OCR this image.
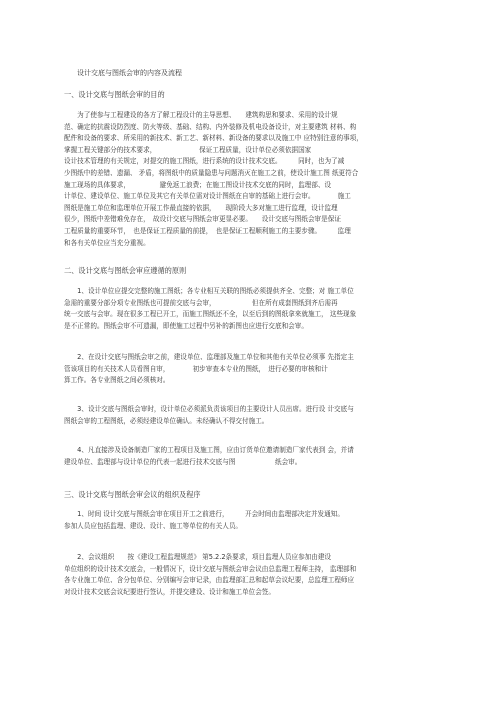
设计交底与图纸会审的内容及流程
一、设计交底与图纸会审的目的
　　为了使参与工程建设的各方了解工程设计的主导思想、　　建筑构思和要求、采用的设计规
范、确定的抗震设防烈度、防火等级、基础、结构、内外装修及机电设备设计，对主要建筑 材料、构
配件和设备的要求、所采用的新技术、新工艺、新材料、新设备的要求以及施工中 应特别注意的事项，
掌握工程关键部分的技术要求，　　　　　　　保证工程质量，设计单位必须依据国家
设计技术管理的有关规定，对提交的施工图纸，进行系统的设计技术交底。　　　同时，也为了减
少图纸中的差错、遗漏、 矛盾，将图纸中的质量隐患与问题消灭在施工之前，使设计施工图 纸更符合
施工现场的具体要求，　　　　　避免返工浪费；在施工图设计技术交底的同时，监理部、设
计单位、建设单位、施工单位及其它有关单位需对设计图纸在自审的基础上进行会审。　　　　施工
图纸是施工单位和监理单位开展工作最直接的依据，　　现阶段大多对施工进行监理，设计监理
很少，图纸中差错难免存在，　故设计交底与图纸会审更显必要。　　设计交底与图纸会审是保证
工程质量的重要环节，　也是保证工程质量的前提，　也是保证工程顺利施工的主要步骤。　　　监理
和各有关单位应当充分重视。
二、设计交底与图纸会审应遵循的原则
　　1、设计单位应提交完整的施工图纸；各专业相互关联的图纸必须提供齐全、完整；对 施工单位
急需的重要分部分项专业图纸也可提前交底与会审，　　　　　　但在所有成套图纸到齐后需再
统一交底与会审。现在很多工程已开工，而施工图纸还不全，以至后到的图纸拿来就施工， 这些现象
是不正常的。图纸会审不可遗漏，即使施工过程中另补的新图也应进行交底和会审。
　　2、在设计交底与图纸会审之前，建设单位、监理部及施工单位和其他有关单位必须事 先指定主
管该项目的有关技术人员看图自审，　　　　初步审查本专业的图纸，　进行必要的审核和计
算工作。各专业图纸之间必须核对。
　　3、设计交底与图纸会审时，设计单位必须派负责该项目的主要设计人员出席。进行设 计交底与
图纸会审的工程图纸，必须经建设单位确认。未经确认不得交付施工。
　　4、凡直接涉及设备制造厂家的工程项目及施工图，应由订货单位邀请制造厂家代表到 会，并请
建设单位、监理部与设计单位的代表一起进行技术交底与图　　　　　　纸会审。
三、设计交底与图纸会审会议的组织及程序
　　1、时间 设计交底与图纸会审在项目开工之前进行，　　　开会时间由监理部决定并发通知。
参加人员应包括监理、建设、设计、施工等单位的有关人员。
　　2、会议组织　　按《建设工程监理规范》 第5.2.2条要求，项目监理人员应参加由建设
单位组织的设计技术交底会，一般情况下，设计交底与图纸会审会议由总监理工程师主持， 监理部和
各专业施工单位、含分包单位、分别编写会审记录，由监理部汇总和起草会议纪要，总监理工程师应
对设计技术交底会议纪要进行签认，并提交建设、设计和施工单位会签。
